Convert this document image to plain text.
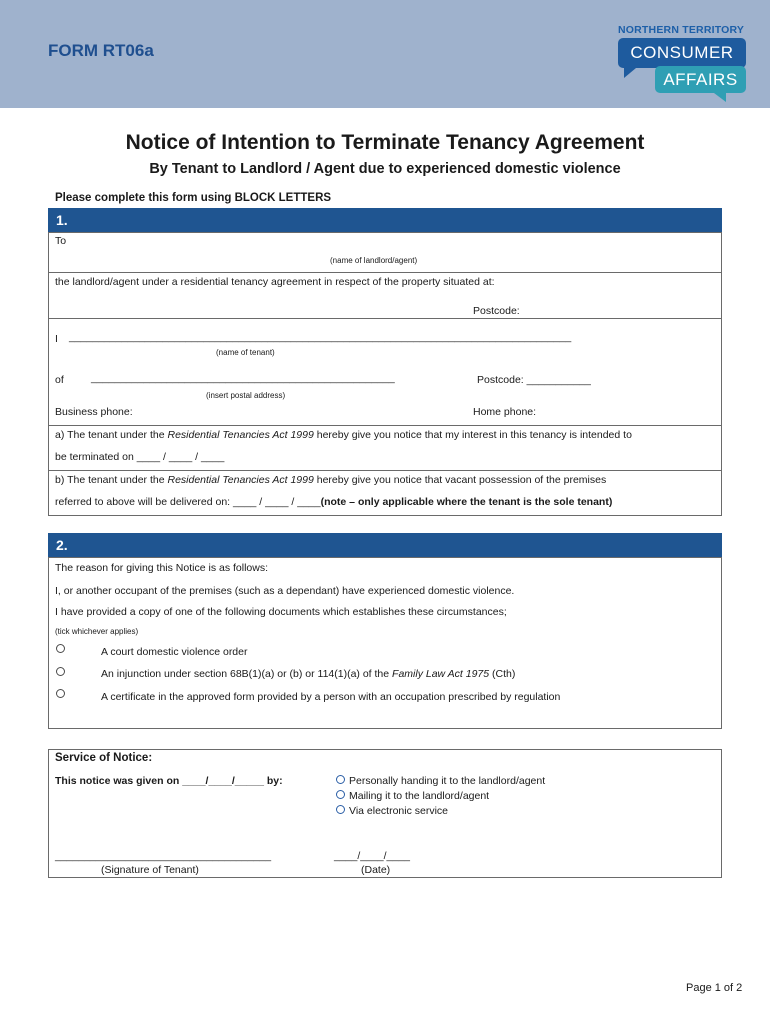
FORM RT06a
NORTHERN TERRITORY
CONSUMER
AFFAIRS
Notice of Intention to Terminate Tenancy Agreement
By Tenant to Landlord / Agent due to experienced domestic violence
Please complete this form using BLOCK LETTERS
1.
To
(name of landlord/agent)
the landlord/agent under a residential tenancy agreement in respect of the property situated at:
Postcode:
I ______________________________________________________________________________________
(name of tenant)
of	____________________________________________________	Postcode: ___________
(insert postal address)
Business phone:	Home phone:
a) The tenant under the Residential Tenancies Act 1999 hereby give you notice that my interest in this tenancy is intended to
be terminated on ____ / ____ / ____
b) The tenant under the Residential Tenancies Act 1999 hereby give you notice that vacant possession of the premises
referred to above will be delivered on: ____ / ____ / ____(note – only applicable where the tenant is the sole tenant)
2.
The reason for giving this Notice is as follows:
I, or another occupant of the premises (such as a dependant) have experienced domestic violence.
I have provided a copy of one of the following documents which establishes these circumstances;
(tick whichever applies)
A court domestic violence order
An injunction under section 68B(1)(a) or (b) or 114(1)(a) of the Family Law Act 1975 (Cth)
A certificate in the approved form provided by a person with an occupation prescribed by regulation
Service of Notice:
This notice was given on ____/____/_____ by:	Personally handing it to the landlord/agent
Mailing it to the landlord/agent
Via electronic service
_____________________________________
(Signature of Tenant)
____/____/____
(Date)
Page 1 of 2
